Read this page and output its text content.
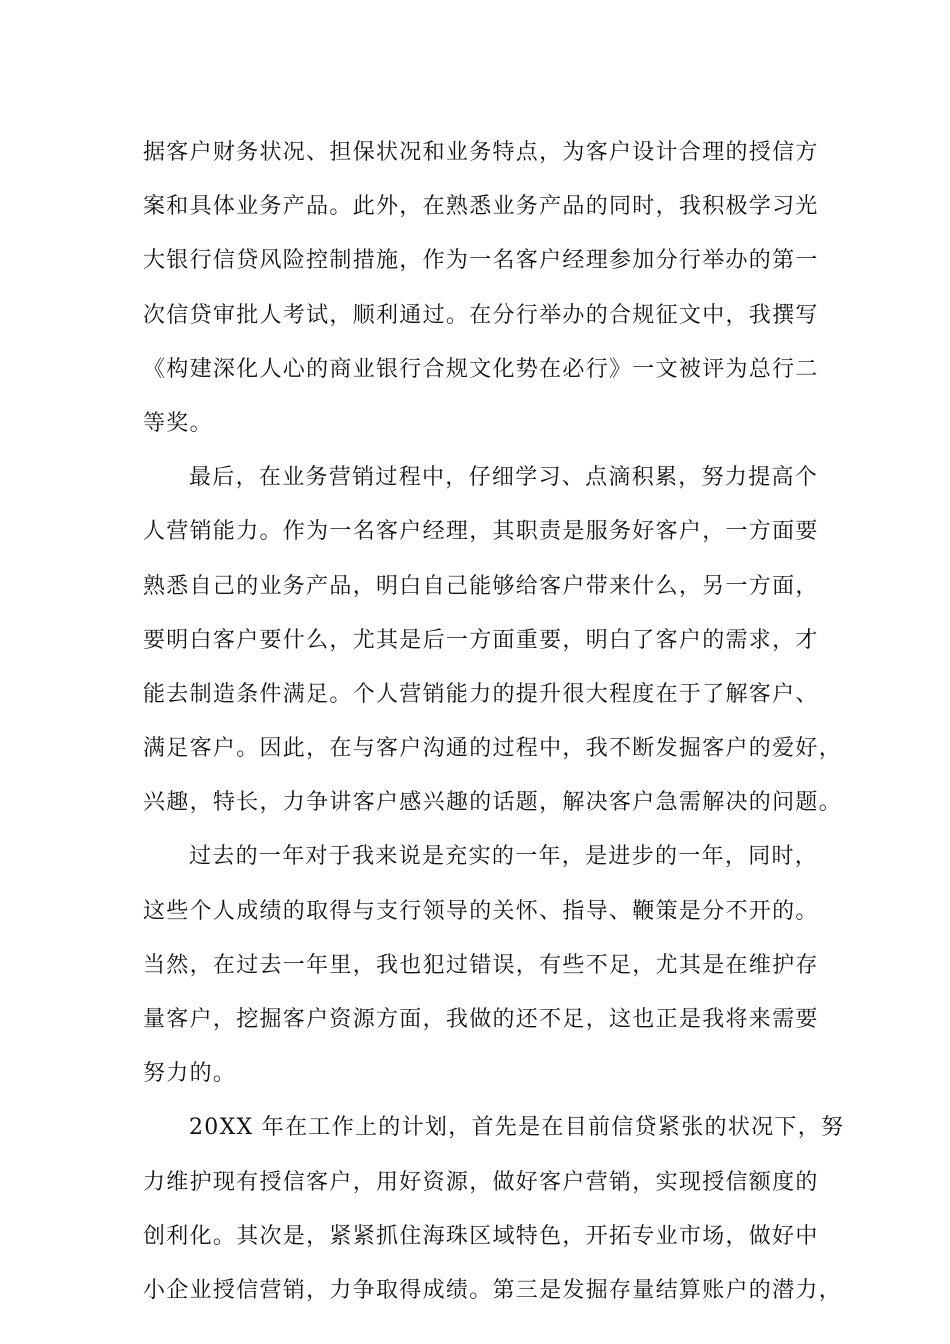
据客户财务状况、担保状况和业务特点，为客户设计合理的授信方
案和具体业务产品。此外，在熟悉业务产品的同时，我积极学习光
大银行信贷风险控制措施，作为一名客户经理参加分行举办的第一
次信贷审批人考试，顺利通过。在分行举办的合规征文中，我撰写
《构建深化人心的商业银行合规文化势在必行》一文被评为总行二
等奖。
最后，在业务营销过程中，仔细学习、点滴积累，努力提高个
人营销能力。作为一名客户经理，其职责是服务好客户，一方面要
熟悉自己的业务产品，明白自己能够给客户带来什么，另一方面，
要明白客户要什么，尤其是后一方面重要，明白了客户的需求，才
能去制造条件满足。个人营销能力的提升很大程度在于了解客户、
满足客户。因此，在与客户沟通的过程中，我不断发掘客户的爱好，
兴趣，特长，力争讲客户感兴趣的话题，解决客户急需解决的问题。
过去的一年对于我来说是充实的一年，是进步的一年，同时，
这些个人成绩的取得与支行领导的关怀、指导、鞭策是分不开的。
当然，在过去一年里，我也犯过错误，有些不足，尤其是在维护存
量客户，挖掘客户资源方面，我做的还不足，这也正是我将来需要
努力的。
20XX 年在工作上的计划，首先是在目前信贷紧张的状况下，努
力维护现有授信客户，用好资源，做好客户营销，实现授信额度的
创利化。其次是，紧紧抓住海珠区域特色，开拓专业市场，做好中
小企业授信营销，力争取得成绩。第三是发掘存量结算账户的潜力，
